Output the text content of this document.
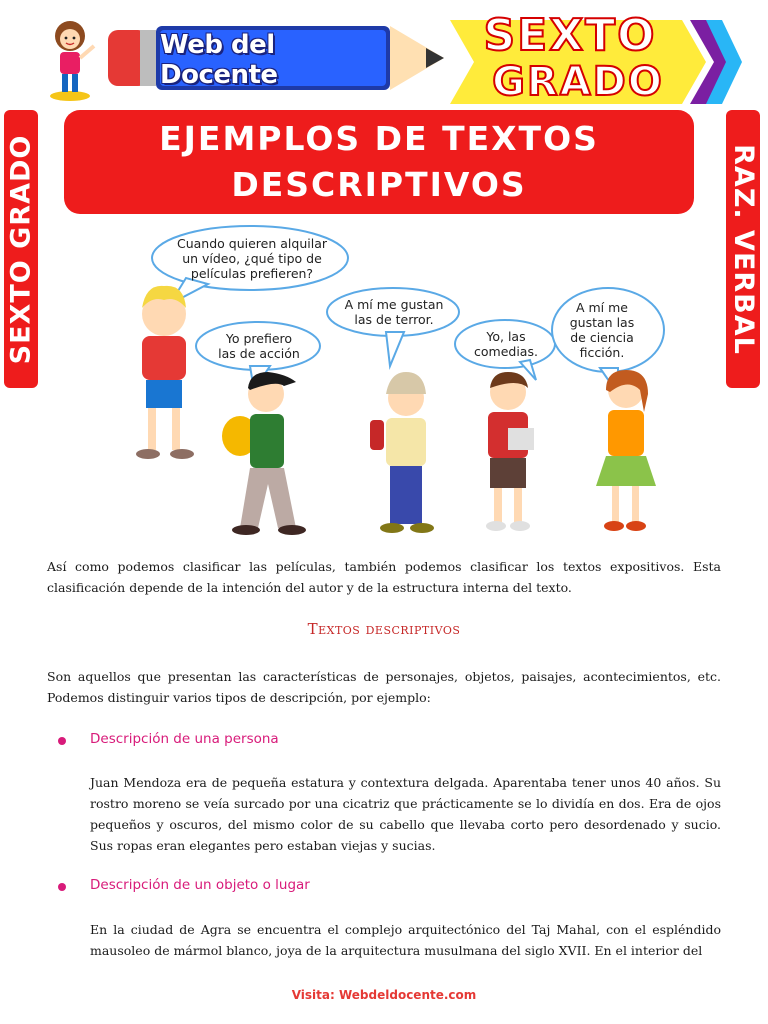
Web del Docente
SEXTO
GRADO
EJEMPLOS DE TEXTOS
DESCRIPTIVOS
SEXTO GRADO	RAZ. VERBAL
Cuando quieren alquilar
un vídeo, ¿qué tipo de
películas prefieren?
Yo prefiero
las de acción
A mí me gustan
las de terror.
Yo, las
comedias.
A mí me
gustan las
de ciencia
ficción.
Así como podemos clasificar las películas, también podemos clasificar los textos expositivos. Esta clasificación depende de la intención del autor y de la estructura interna del texto.
Textos descriptivos
Son aquellos que presentan las características de personajes, objetos, paisajes, acontecimientos, etc. Podemos distinguir varios tipos de descripción, por ejemplo:
Descripción de una persona
Juan Mendoza era de pequeña estatura y contextura delgada. Aparentaba tener unos 40 años. Su rostro moreno se veía surcado por una cicatriz que prácticamente se lo dividía en dos. Era de ojos pequeños y oscuros, del mismo color de su cabello que llevaba corto pero desordenado y sucio. Sus ropas eran elegantes pero estaban viejas y sucias.
Descripción de un objeto o lugar
En la ciudad de Agra se encuentra el complejo arquitectónico del Taj Mahal, con el espléndido mausoleo de mármol blanco, joya de la arquitectura musulmana del siglo XVII. En el interior del
Visita: Webdeldocente.com
